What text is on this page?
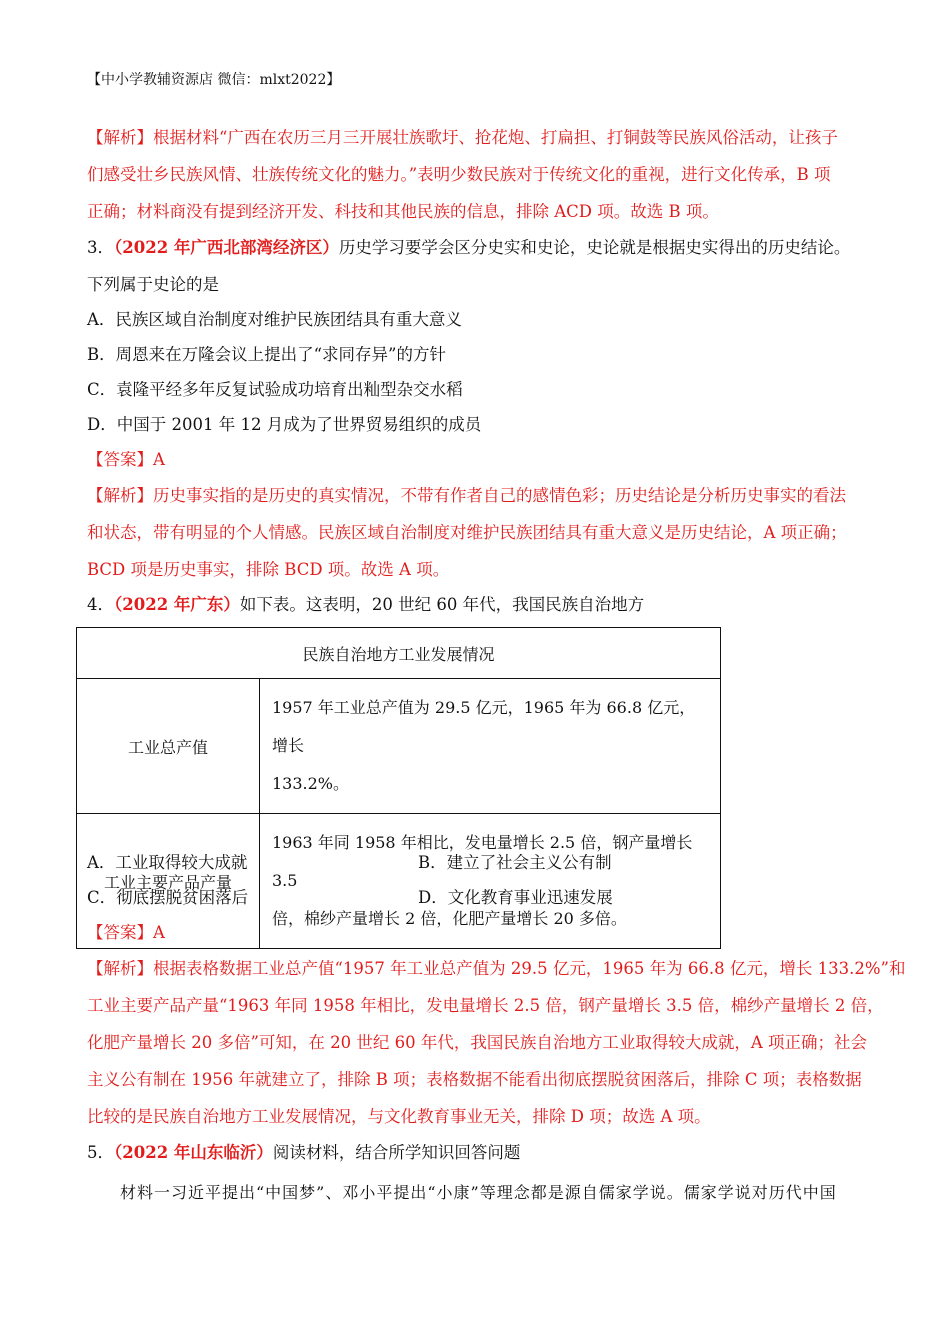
【中小学教辅资源店 微信：mlxt2022】
【解析】根据材料“广西在农历三月三开展壮族歌圩、抢花炮、打扁担、打铜鼓等民族风俗活动，让孩子
们感受壮乡民族风情、壮族传统文化的魅力。”表明少数民族对于传统文化的重视，进行文化传承，B 项
正确；材料商没有提到经济开发、科技和其他民族的信息，排除 ACD 项。故选 B 项。
3．（2022 年广西北部湾经济区）历史学习要学会区分史实和史论，史论就是根据史实得出的历史结论。
下列属于史论的是
A．民族区域自治制度对维护民族团结具有重大意义
B．周恩来在万隆会议上提出了“求同存异”的方针
C．袁隆平经多年反复试验成功培育出籼型杂交水稻
D．中国于 2001 年 12 月成为了世界贸易组织的成员
【答案】A
【解析】历史事实指的是历史的真实情况，不带有作者自己的感情色彩；历史结论是分析历史事实的看法
和状态，带有明显的个人情感。民族区域自治制度对维护民族团结具有重大意义是历史结论，A 项正确；
BCD 项是历史事实，排除 BCD 项。故选 A 项。
4．（2022 年广东）如下表。这表明，20 世纪 60 年代，我国民族自治地方
民族自治地方工业发展情况	
工业总产值	1957 年工业总产值为 29.5 亿元，1965 年为 66.8 亿元，增长
133.2%。

工业主要产品产量	1963 年同 1958 年相比，发电量增长 2.5 倍，钢产量增长 3.5
倍，棉纱产量增长 2 倍，化肥产量增长 20 多倍。
A．工业取得较大成就	B．建立了社会主义公有制
C．彻底摆脱贫困落后	D．文化教育事业迅速发展
【答案】A
【解析】根据表格数据工业总产值“1957 年工业总产值为 29.5 亿元，1965 年为 66.8 亿元，增长 133.2%”和
工业主要产品产量“1963 年同 1958 年相比，发电量增长 2.5 倍，钢产量增长 3.5 倍，棉纱产量增长 2 倍，
化肥产量增长 20 多倍”可知，在 20 世纪 60 年代，我国民族自治地方工业取得较大成就，A 项正确；社会
主义公有制在 1956 年就建立了，排除 B 项；表格数据不能看出彻底摆脱贫困落后，排除 C 项；表格数据
比较的是民族自治地方工业发展情况，与文化教育事业无关，排除 D 项；故选 A 项。
5．（2022 年山东临沂）阅读材料，结合所学知识回答问题
材料一习近平提出“中国梦”、邓小平提出“小康”等理念都是源自儒家学说。儒家学说对历代中国
